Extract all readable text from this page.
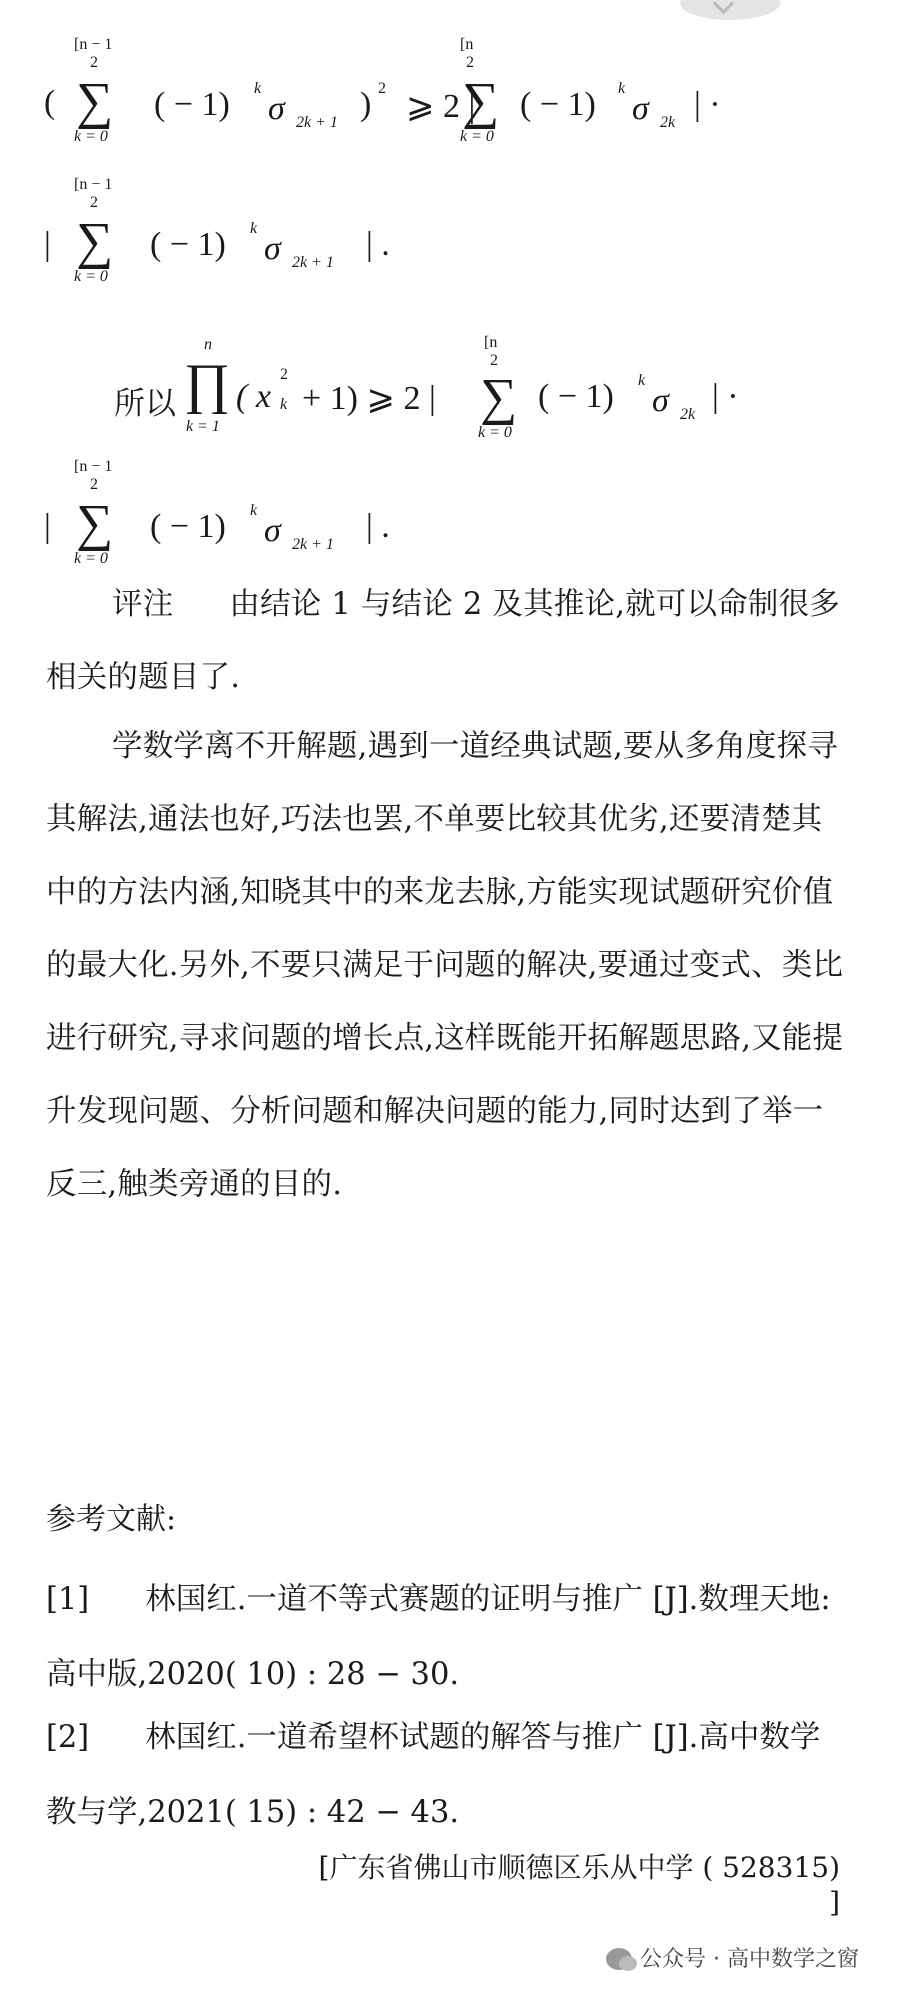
(
[n − 1
2
∑
k = 0
( − 1) k
σ 2k + 1 ) 2 ⩾ 2 |
[n
2
∑
k = 0
( − 1) k
σ 2k | ·
|
[n − 1
2
∑
k = 0
( − 1) k
σ 2k + 1 | .
所以
n
∏
k = 1
( x
2
k + 1) ⩾ 2 |
[n
2
∑
k = 0
( − 1) k
σ 2k | ·
|
[n − 1
2
∑
k = 0
( − 1) k
σ 2k + 1 | .
评注 由结论 1 与结论 2 及其推论,就可以命制很多相关的题目了.
学数学离不开解题,遇到一道经典试题,要从多角度探寻其解法,通法也好,巧法也罢,不单要比较其优劣,还要清楚其中的方法内涵,知晓其中的来龙去脉,方能实现试题研究价值的最大化.另外,不要只满足于问题的解决,要通过变式、类比进行研究,寻求问题的增长点,这样既能开拓解题思路,又能提升发现问题、分析问题和解决问题的能力,同时达到了举一反三,触类旁通的目的.
参考文献:
[1] 林国红.一道不等式赛题的证明与推广 [J].数理天地: 高中版,2020( 10) : 28 − 30.
[2] 林国红.一道希望杯试题的解答与推广 [J].高中数学教与学,2021( 15) : 42 − 43.
[广东省佛山市顺德区乐从中学 ( 528315) ]
公众号 · 高中数学之窗
